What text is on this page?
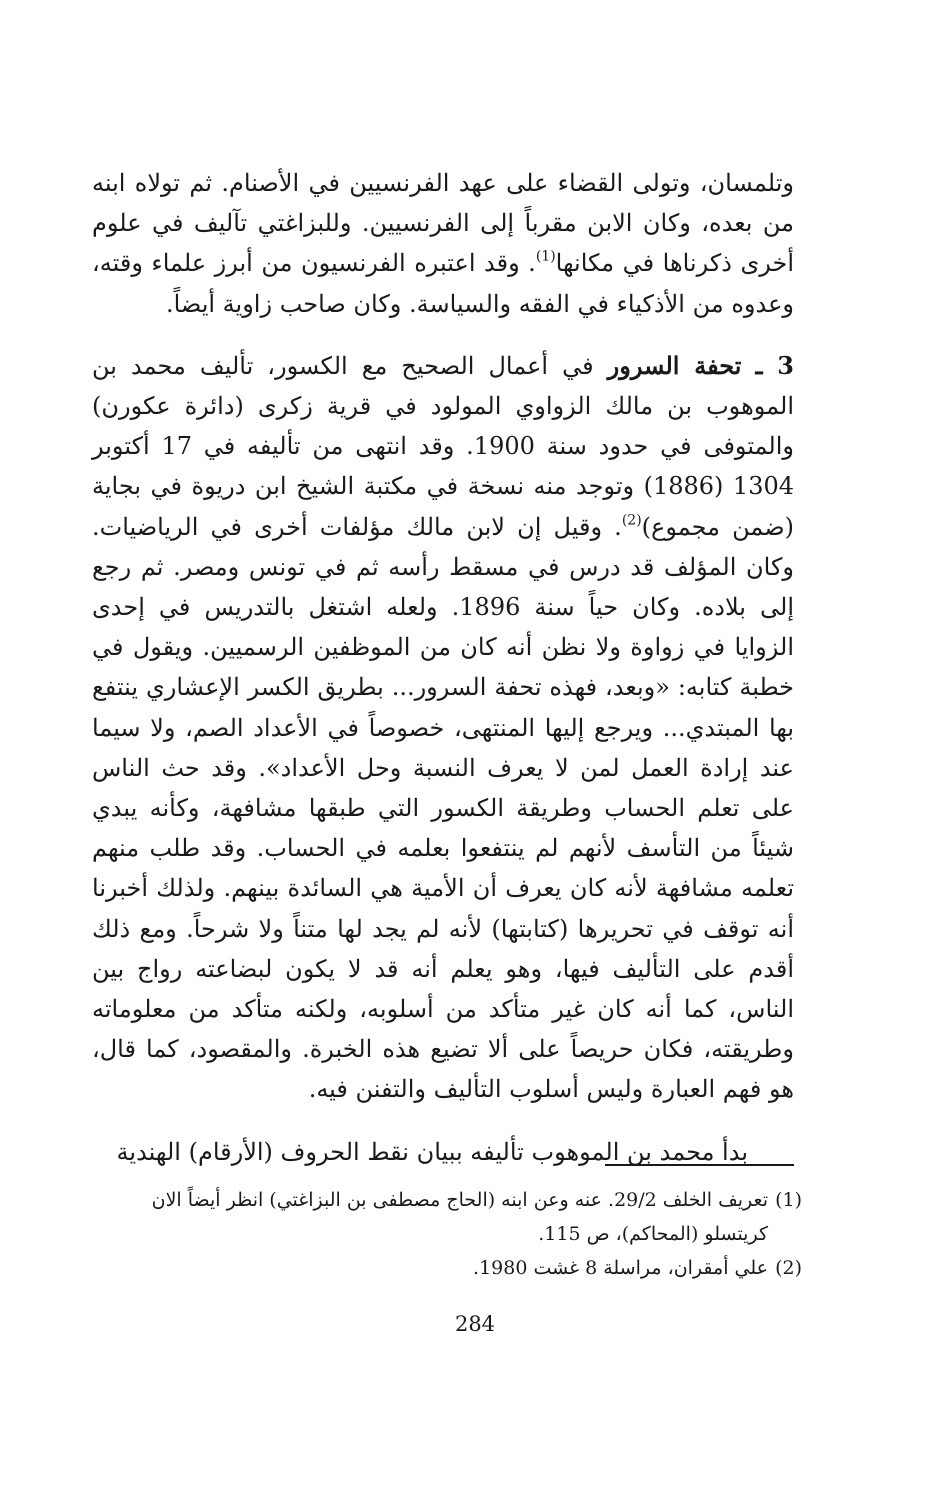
وتلمسان، وتولى القضاء على عهد الفرنسيين في الأصنام. ثم تولاه ابنه من بعده، وكان الابن مقرباً إلى الفرنسيين. وللبزاغتي تآليف في علوم أخرى ذكرناها في مكانها$^{(1)}$. وقد اعتبره الفرنسيون من أبرز علماء وقته، وعدوه من الأذكياء في الفقه والسياسة. وكان صاحب زاوية أيضاً.

3 ـ تحفة السرور في أعمال الصحيح مع الكسور، تأليف محمد بن الموهوب بن مالك الزواوي المولود في قرية زكرى (دائرة عكورن) والمتوفى في حدود سنة 1900. وقد انتهى من تأليفه في 17 أكتوبر 1304 (1886) وتوجد منه نسخة في مكتبة الشيخ ابن دريوة في بجاية (ضمن مجموع)$^{(2)}$. وقيل إن لابن مالك مؤلفات أخرى في الرياضيات. وكان المؤلف قد درس في مسقط رأسه ثم في تونس ومصر. ثم رجع إلى بلاده. وكان حياً سنة 1896. ولعله اشتغل بالتدريس في إحدى الزوايا في زواوة ولا نظن أنه كان من الموظفين الرسميين. ويقول في خطبة كتابه: «وبعد، فهذه تحفة السرور... بطريق الكسر الإعشاري ينتفع بها المبتدي... ويرجع إليها المنتهى، خصوصاً في الأعداد الصم، ولا سيما عند إرادة العمل لمن لا يعرف النسبة وحل الأعداد». وقد حث الناس على تعلم الحساب وطريقة الكسور التي طبقها مشافهة، وكأنه يبدي شيئاً من التأسف لأنهم لم ينتفعوا بعلمه في الحساب. وقد طلب منهم تعلمه مشافهة لأنه كان يعرف أن الأمية هي السائدة بينهم. ولذلك أخبرنا أنه توقف في تحريرها (كتابتها) لأنه لم يجد لها متناً ولا شرحاً. ومع ذلك أقدم على التأليف فيها، وهو يعلم أنه قد لا يكون لبضاعته رواج بين الناس، كما أنه كان غير متأكد من أسلوبه، ولكنه متأكد من معلوماته وطريقته، فكان حريصاً على ألا تضيع هذه الخبرة. والمقصود، كما قال، هو فهم العبارة وليس أسلوب التأليف والتفنن فيه.

بدأ محمد بن الموهوب تأليفه ببيان نقط الحروف (الأرقام) الهندية

(1)تعريف الخلف 29/2. عنه وعن ابنه (الحاج مصطفى بن البزاغتي) انظر أيضاً الان

كريتسلو (المحاكم)، ص 115.

(2)علي أمقران، مراسلة 8 غشت 1980.

284
